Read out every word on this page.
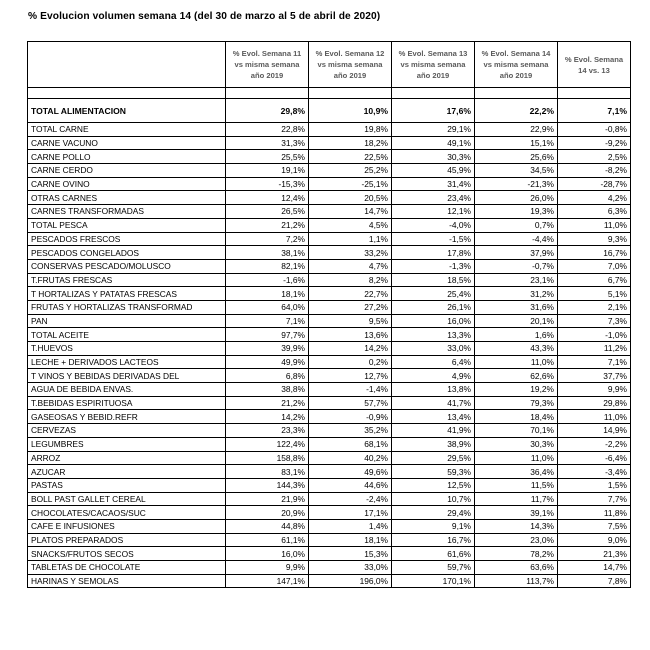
% Evolucion volumen semana 14 (del 30 de marzo al 5 de abril de 2020)
	% Evol. Semana 11 vs misma semana año 2019	% Evol. Semana 12 vs misma semana año 2019	% Evol. Semana 13 vs misma semana año 2019	% Evol. Semana 14 vs misma semana año 2019	% Evol. Semana 14 vs. 13

TOTAL ALIMENTACION	29,8%	10,9%	17,6%	22,2%	7,1%
TOTAL CARNE	22,8%	19,8%	29,1%	22,9%	-0,8%
CARNE VACUNO	31,3%	18,2%	49,1%	15,1%	-9,2%
CARNE POLLO	25,5%	22,5%	30,3%	25,6%	2,5%
CARNE CERDO	19,1%	25,2%	45,9%	34,5%	-8,2%
CARNE OVINO	-15,3%	-25,1%	31,4%	-21,3%	-28,7%
OTRAS CARNES	12,4%	20,5%	23,4%	26,0%	4,2%
CARNES TRANSFORMADAS	26,5%	14,7%	12,1%	19,3%	6,3%
TOTAL PESCA	21,2%	4,5%	-4,0%	0,7%	11,0%
PESCADOS FRESCOS	7,2%	1,1%	-1,5%	-4,4%	9,3%
PESCADOS CONGELADOS	38,1%	33,2%	17,8%	37,9%	16,7%
CONSERVAS PESCADO/MOLUSCO	82,1%	4,7%	-1,3%	-0,7%	7,0%
T.FRUTAS FRESCAS	-1,6%	8,2%	18,5%	23,1%	6,7%
T HORTALIZAS Y PATATAS FRESCAS	18,1%	22,7%	25,4%	31,2%	5,1%
FRUTAS Y HORTALIZAS TRANSFORMAD	64,0%	27,2%	26,1%	31,6%	2,1%
PAN	7,1%	9,5%	16,0%	20,1%	7,3%
TOTAL ACEITE	97,7%	13,6%	13,3%	1,6%	-1,0%
T.HUEVOS	39,9%	14,2%	33,0%	43,3%	11,2%
LECHE + DERIVADOS LACTEOS	49,9%	0,2%	6,4%	11,0%	7,1%
T VINOS Y BEBIDAS DERIVADAS DEL	6,8%	12,7%	4,9%	62,6%	37,7%
AGUA DE BEBIDA ENVAS.	38,8%	-1,4%	13,8%	19,2%	9,9%
T.BEBIDAS ESPIRITUOSA	21,2%	57,7%	41,7%	79,3%	29,8%
GASEOSAS Y BEBID.REFR	14,2%	-0,9%	13,4%	18,4%	11,0%
CERVEZAS	23,3%	35,2%	41,9%	70,1%	14,9%
LEGUMBRES	122,4%	68,1%	38,9%	30,3%	-2,2%
ARROZ	158,8%	40,2%	29,5%	11,0%	-6,4%
AZUCAR	83,1%	49,6%	59,3%	36,4%	-3,4%
PASTAS	144,3%	44,6%	12,5%	11,5%	1,5%
BOLL PAST GALLET CEREAL	21,9%	-2,4%	10,7%	11,7%	7,7%
CHOCOLATES/CACAOS/SUC	20,9%	17,1%	29,4%	39,1%	11,8%
CAFE E INFUSIONES	44,8%	1,4%	9,1%	14,3%	7,5%
PLATOS PREPARADOS	61,1%	18,1%	16,7%	23,0%	9,0%
SNACKS/FRUTOS SECOS	16,0%	15,3%	61,6%	78,2%	21,3%
TABLETAS DE CHOCOLATE	9,9%	33,0%	59,7%	63,6%	14,7%
HARINAS Y SEMOLAS	147,1%	196,0%	170,1%	113,7%	7,8%
